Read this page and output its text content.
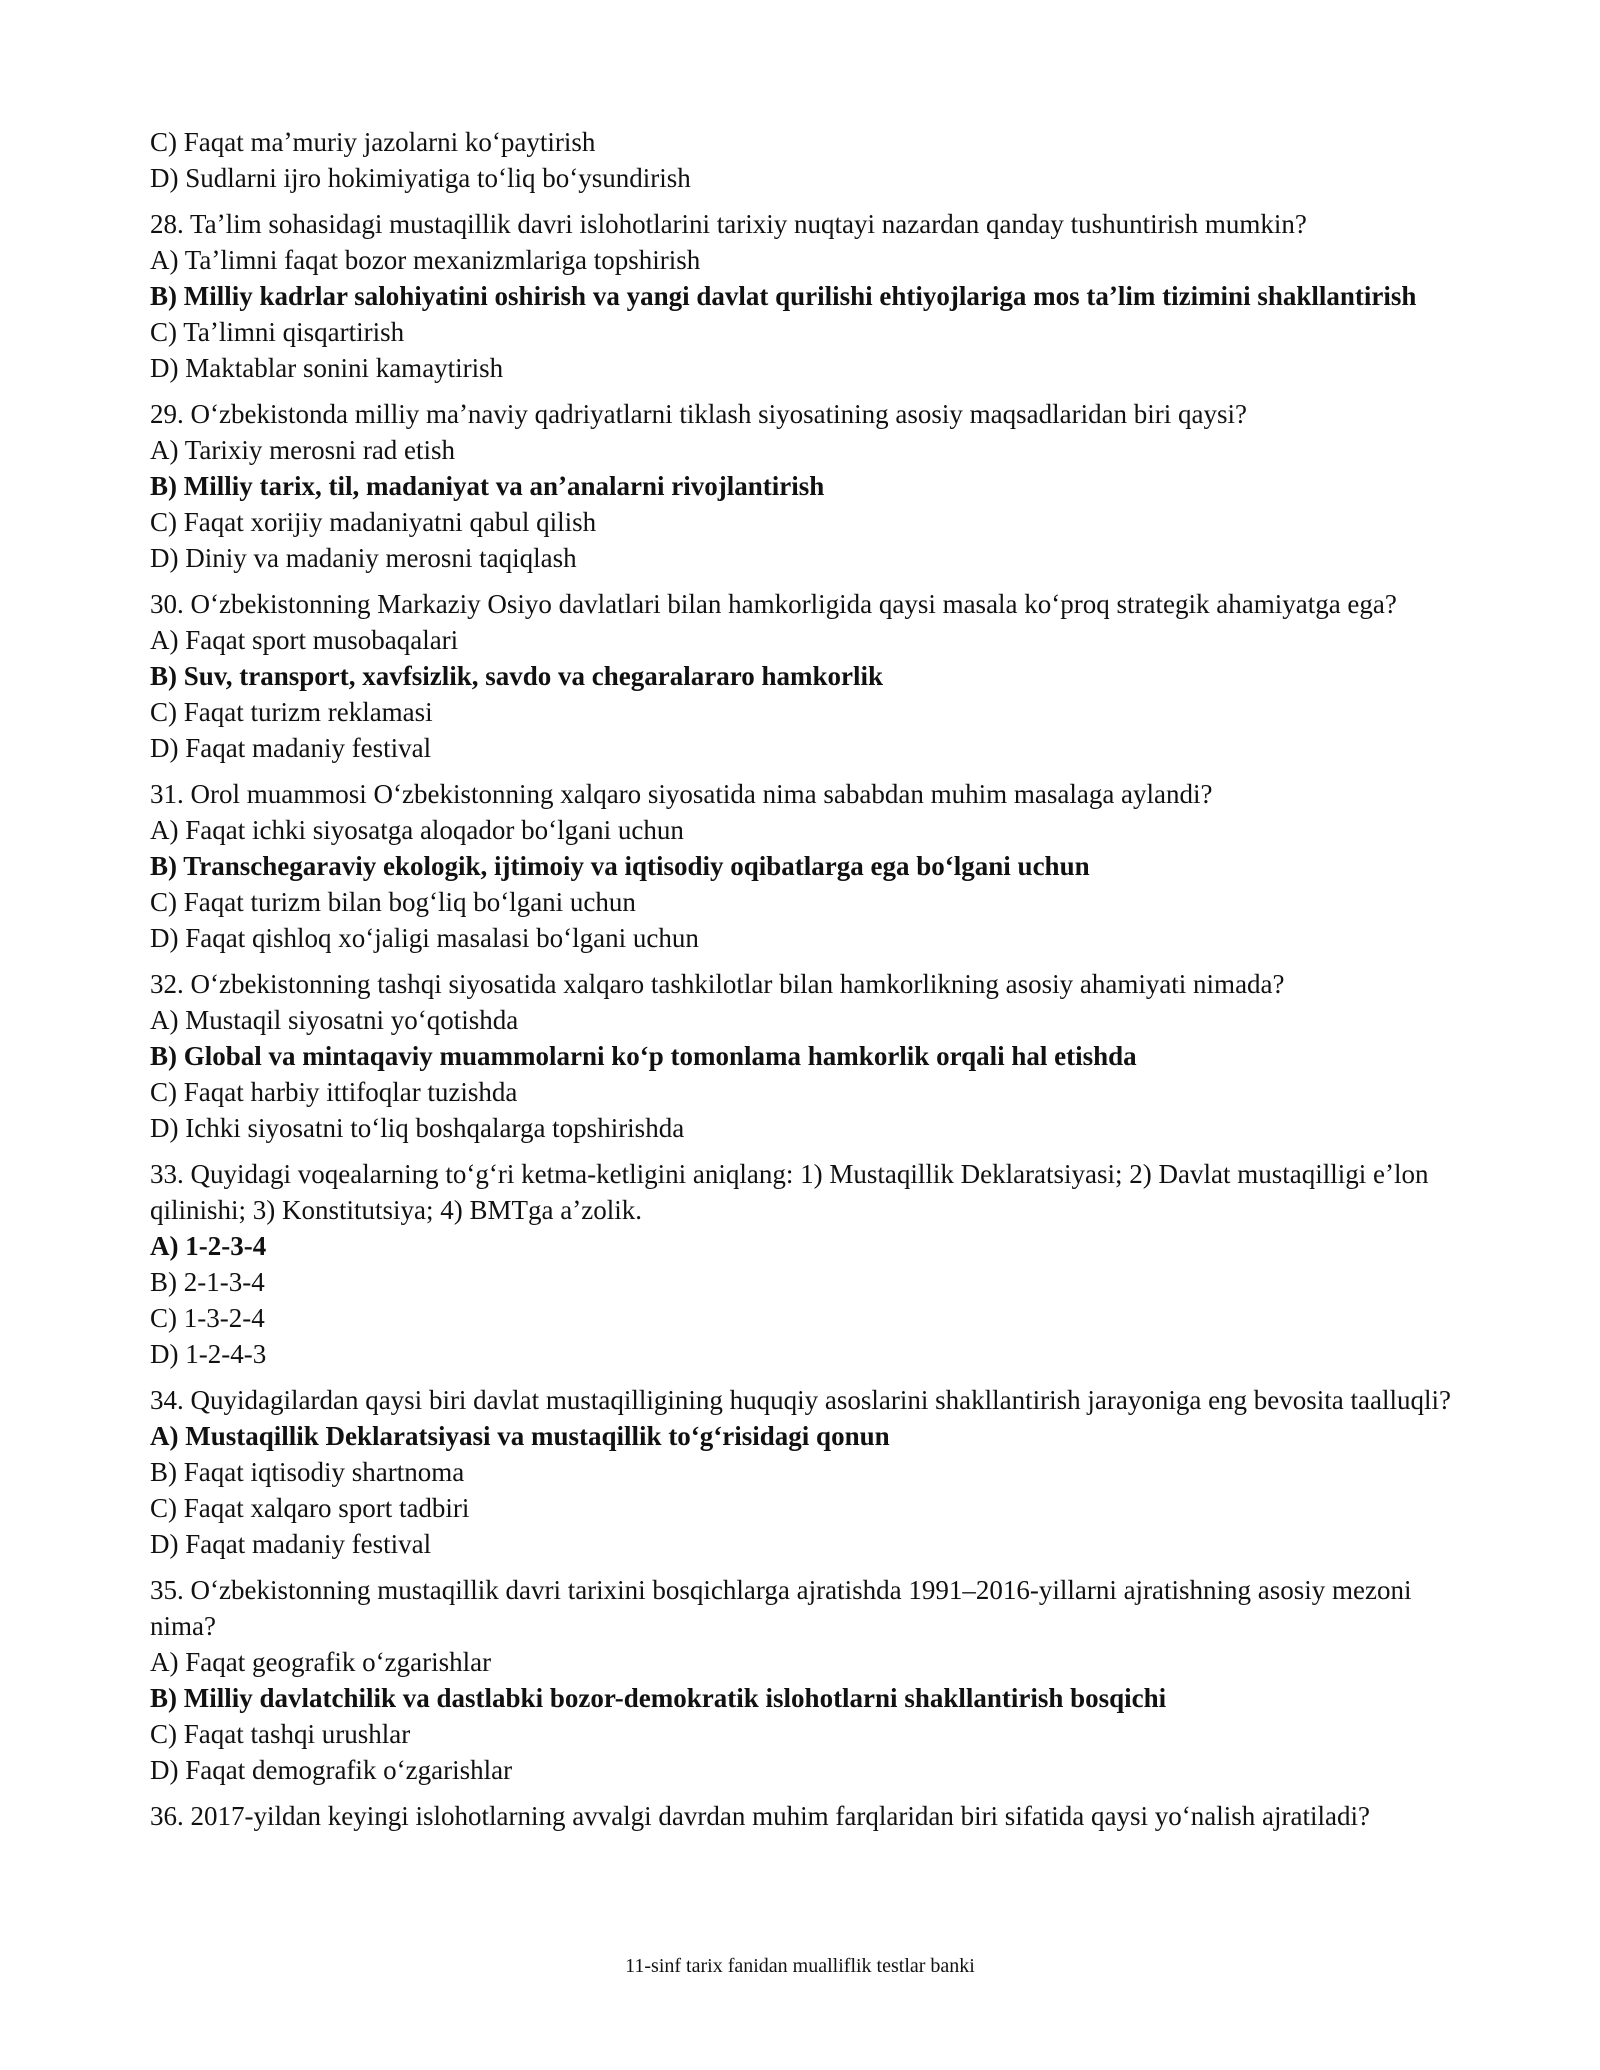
C) Faqat maʼmuriy jazolarni koʻpaytirish

D) Sudlarni ijro hokimiyatiga toʻliq boʻysundirish

28. Taʼlim sohasidagi mustaqillik davri islohotlarini tarixiy nuqtayi nazardan qanday tushuntirish mumkin?

A) Taʼlimni faqat bozor mexanizmlariga topshirish

B) Milliy kadrlar salohiyatini oshirish va yangi davlat qurilishi ehtiyojlariga mos taʼlim tizimini shakllantirish

C) Taʼlimni qisqartirish

D) Maktablar sonini kamaytirish

29. Oʻzbekistonda milliy maʼnaviy qadriyatlarni tiklash siyosatining asosiy maqsadlaridan biri qaysi?

A) Tarixiy merosni rad etish

B) Milliy tarix, til, madaniyat va anʼanalarni rivojlantirish

C) Faqat xorijiy madaniyatni qabul qilish

D) Diniy va madaniy merosni taqiqlash

30. Oʻzbekistonning Markaziy Osiyo davlatlari bilan hamkorligida qaysi masala koʻproq strategik ahamiyatga ega?

A) Faqat sport musobaqalari

B) Suv, transport, xavfsizlik, savdo va chegaralararo hamkorlik

C) Faqat turizm reklamasi

D) Faqat madaniy festival

31. Orol muammosi Oʻzbekistonning xalqaro siyosatida nima sababdan muhim masalaga aylandi?

A) Faqat ichki siyosatga aloqador boʻlgani uchun

B) Transchegaraviy ekologik, ijtimoiy va iqtisodiy oqibatlarga ega boʻlgani uchun

C) Faqat turizm bilan bogʻliq boʻlgani uchun

D) Faqat qishloq xoʻjaligi masalasi boʻlgani uchun

32. Oʻzbekistonning tashqi siyosatida xalqaro tashkilotlar bilan hamkorlikning asosiy ahamiyati nimada?

A) Mustaqil siyosatni yoʻqotishda

B) Global va mintaqaviy muammolarni koʻp tomonlama hamkorlik orqali hal etishda

C) Faqat harbiy ittifoqlar tuzishda

D) Ichki siyosatni toʻliq boshqalarga topshirishda

33. Quyidagi voqealarning toʻgʻri ketma-ketligini aniqlang: 1) Mustaqillik Deklaratsiyasi; 2) Davlat mustaqilligi eʼlon qilinishi; 3) Konstitutsiya; 4) BMTga aʼzolik.

A) 1-2-3-4

B) 2-1-3-4

C) 1-3-2-4

D) 1-2-4-3

34. Quyidagilardan qaysi biri davlat mustaqilligining huquqiy asoslarini shakllantirish jarayoniga eng bevosita taalluqli?

A) Mustaqillik Deklaratsiyasi va mustaqillik toʻgʻrisidagi qonun

B) Faqat iqtisodiy shartnoma

C) Faqat xalqaro sport tadbiri

D) Faqat madaniy festival

35. Oʻzbekistonning mustaqillik davri tarixini bosqichlarga ajratishda 1991–2016-yillarni ajratishning asosiy mezoni nima?

A) Faqat geografik oʻzgarishlar

B) Milliy davlatchilik va dastlabki bozor-demokratik islohotlarni shakllantirish bosqichi

C) Faqat tashqi urushlar

D) Faqat demografik oʻzgarishlar

36. 2017-yildan keyingi islohotlarning avvalgi davrdan muhim farqlaridan biri sifatida qaysi yoʻnalish ajratiladi?

11-sinf tarix fanidan mualliflik testlar banki
